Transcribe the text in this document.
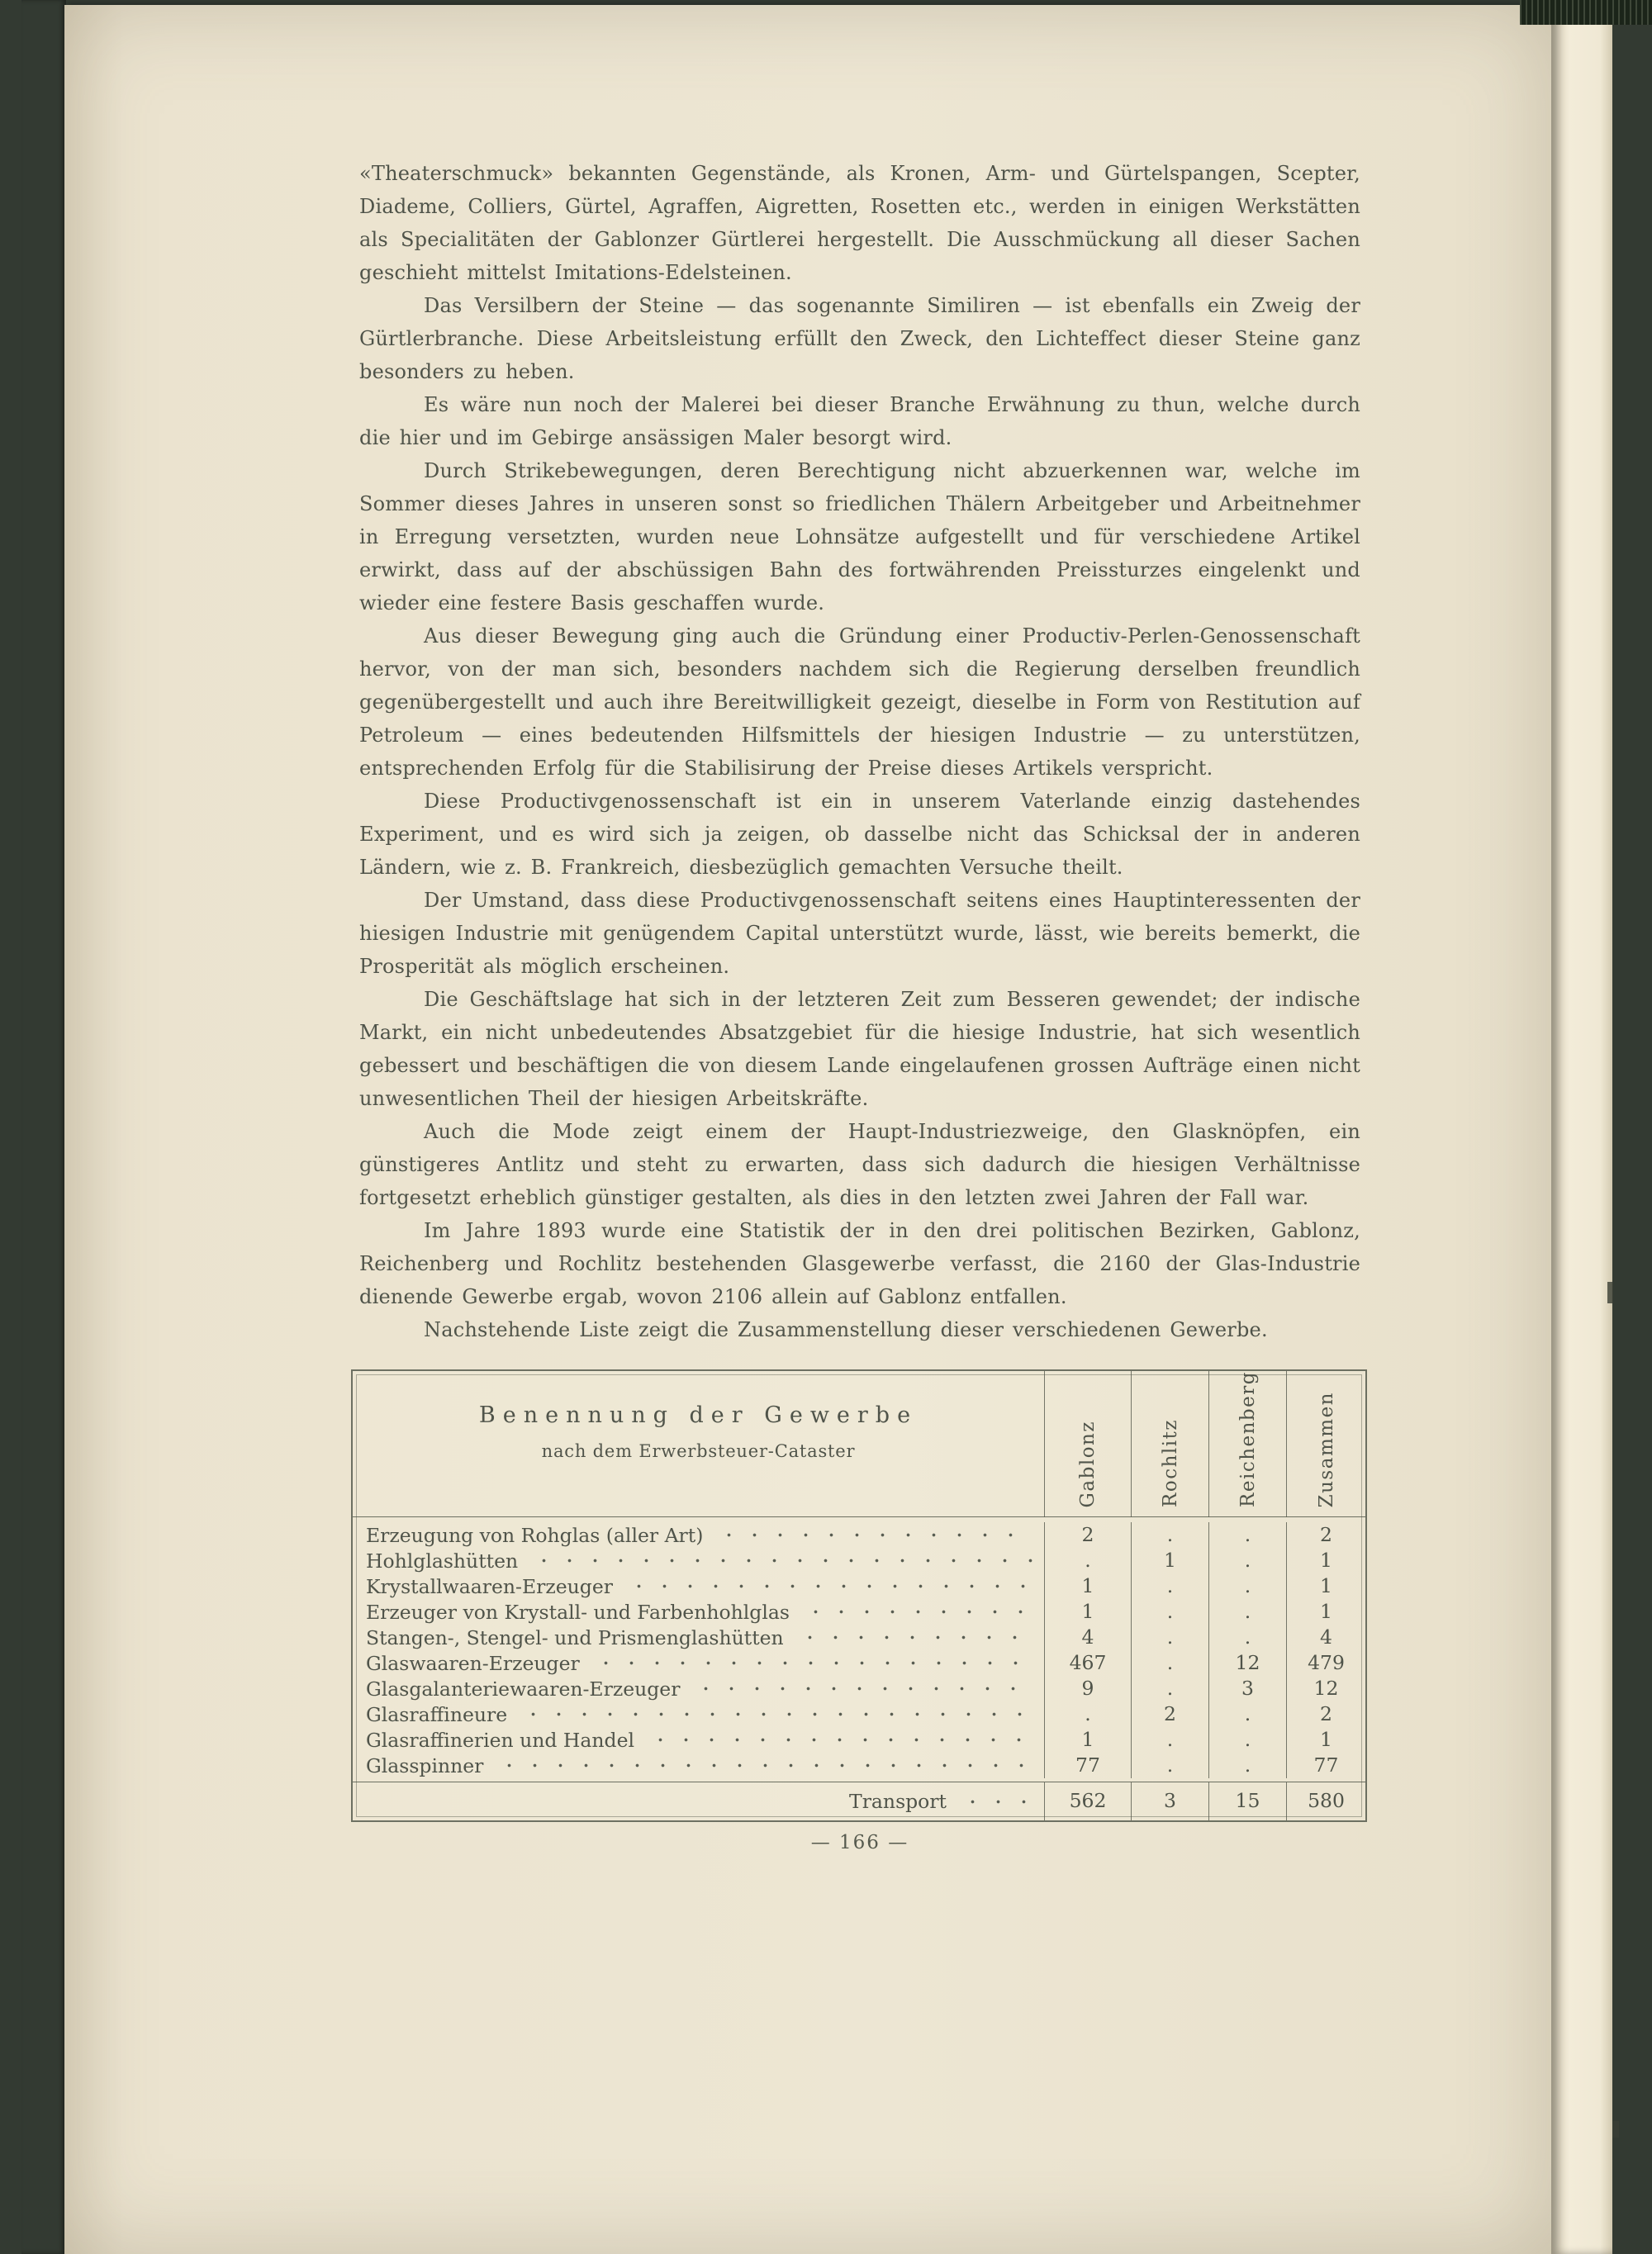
«Theaterschmuck» bekannten Gegenstände, als Kronen, Arm- und Gürtelspangen, Scepter, Diademe, Colliers, Gürtel, Agraffen, Aigretten, Rosetten etc., werden in einigen Werkstätten als Specialitäten der Gablonzer Gürtlerei hergestellt. Die Ausschmückung all dieser Sachen geschieht mittelst Imitations-Edelsteinen.

Das Versilbern der Steine — das sogenannte Similiren — ist ebenfalls ein Zweig der Gürtlerbranche. Diese Arbeitsleistung erfüllt den Zweck, den Lichteffect dieser Steine ganz besonders zu heben.

Es wäre nun noch der Malerei bei dieser Branche Erwähnung zu thun, welche durch die hier und im Gebirge ansässigen Maler besorgt wird.

Durch Strikebewegungen, deren Berechtigung nicht abzuerkennen war, welche im Sommer dieses Jahres in unseren sonst so friedlichen Thälern Arbeitgeber und Arbeitnehmer in Erregung versetzten, wurden neue Lohnsätze aufgestellt und für verschiedene Artikel erwirkt, dass auf der abschüssigen Bahn des fortwährenden Preissturzes eingelenkt und wieder eine festere Basis geschaffen wurde.

Aus dieser Bewegung ging auch die Gründung einer Productiv-Perlen-Genossenschaft hervor, von der man sich, besonders nachdem sich die Regierung derselben freundlich gegenübergestellt und auch ihre Bereitwilligkeit gezeigt, dieselbe in Form von Restitution auf Petroleum — eines bedeutenden Hilfsmittels der hiesigen Industrie — zu unterstützen, entsprechenden Erfolg für die Stabilisirung der Preise dieses Artikels verspricht.

Diese Productivgenossenschaft ist ein in unserem Vaterlande einzig dastehendes Experiment, und es wird sich ja zeigen, ob dasselbe nicht das Schicksal der in anderen Ländern, wie z. B. Frankreich, diesbezüglich gemachten Versuche theilt.

Der Umstand, dass diese Productivgenossenschaft seitens eines Hauptinteressenten der hiesigen Industrie mit genügendem Capital unterstützt wurde, lässt, wie bereits bemerkt, die Prosperität als möglich erscheinen.

Die Geschäftslage hat sich in der letzteren Zeit zum Besseren gewendet; der indische Markt, ein nicht unbedeutendes Absatzgebiet für die hiesige Industrie, hat sich wesentlich gebessert und beschäftigen die von diesem Lande eingelaufenen grossen Aufträge einen nicht unwesentlichen Theil der hiesigen Arbeitskräfte.

Auch die Mode zeigt einem der Haupt-Industriezweige, den Glasknöpfen, ein günstigeres Antlitz und steht zu erwarten, dass sich dadurch die hiesigen Verhältnisse fortgesetzt erheblich günstiger gestalten, als dies in den letzten zwei Jahren der Fall war.

Im Jahre 1893 wurde eine Statistik der in den drei politischen Bezirken, Gablonz, Reichenberg und Rochlitz bestehenden Glasgewerbe verfasst, die 2160 der Glas-Industrie dienende Gewerbe ergab, wovon 2106 allein auf Gablonz entfallen.

Nachstehende Liste zeigt die Zusammenstellung dieser verschiedenen Gewerbe.

Benennung der Gewerbe
nach dem Erwerbsteuer-Cataster	Gablonz	Rochlitz	Reichenberg	Zusammen
Erzeugung von Rohglas (aller Art)	2	.	.	2
Hohlglashütten	.	1	.	1
Krystallwaaren-Erzeuger	1	.	.	1
Erzeuger von Krystall- und Farbenhohlglas	1	.	.	1
Stangen-, Stengel- und Prismenglashütten	4	.	.	4
Glaswaaren-Erzeuger	467	.	12	479
Glasgalanteriewaaren-Erzeuger	9	.	3	12
Glasraffineure	.	2	.	2
Glasraffinerien und Handel	1	.	.	1
Glasspinner	77	.	.	77
Transport	562	3	15	580
— 166 —
